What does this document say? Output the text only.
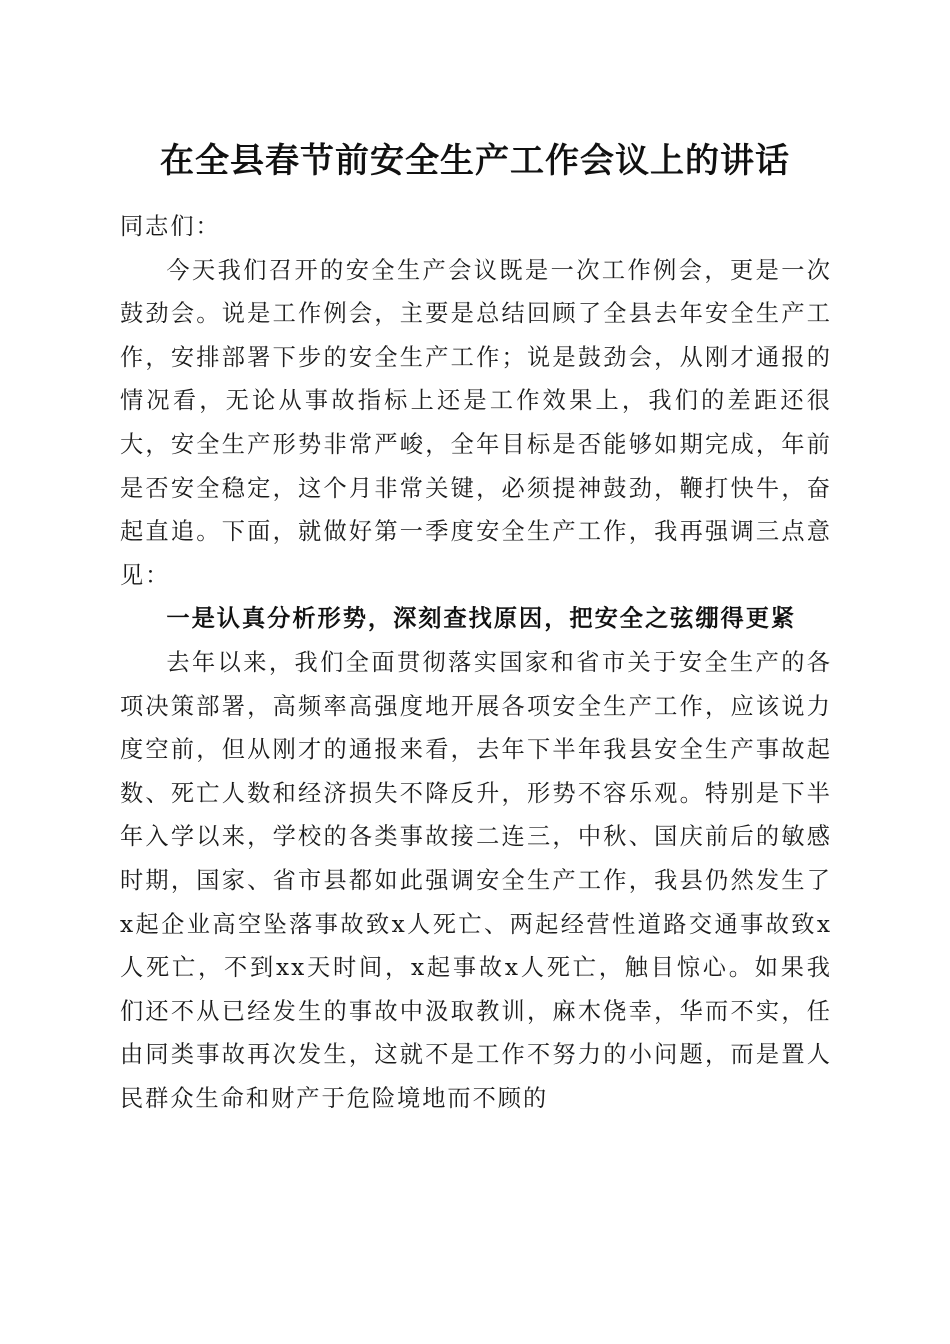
在全县春节前安全生产工作会议上的讲话

同志们：

今天我们召开的安全生产会议既是一次工作例会，更是一次鼓劲会。说是工作例会，主要是总结回顾了全县去年安全生产工作，安排部署下步的安全生产工作；说是鼓劲会，从刚才通报的情况看，无论从事故指标上还是工作效果上，我们的差距还很大，安全生产形势非常严峻，全年目标是否能够如期完成，年前是否安全稳定，这个月非常关键，必须提神鼓劲，鞭打快牛，奋起直追。下面，就做好第一季度安全生产工作，我再强调三点意见：

一是认真分析形势，深刻查找原因，把安全之弦绷得更紧

去年以来，我们全面贯彻落实国家和省市关于安全生产的各项决策部署，高频率高强度地开展各项安全生产工作，应该说力度空前，但从刚才的通报来看，去年下半年我县安全生产事故起数、死亡人数和经济损失不降反升，形势不容乐观。特别是下半年入学以来，学校的各类事故接二连三，中秋、国庆前后的敏感时期，国家、省市县都如此强调安全生产工作，我县仍然发生了x起企业高空坠落事故致x人死亡、两起经营性道路交通事故致x人死亡，不到xx天时间，x起事故x人死亡，触目惊心。如果我们还不从已经发生的事故中汲取教训，麻木侥幸，华而不实，任由同类事故再次发生，这就不是工作不努力的小问题，而是置人民群众生命和财产于危险境地而不顾的
